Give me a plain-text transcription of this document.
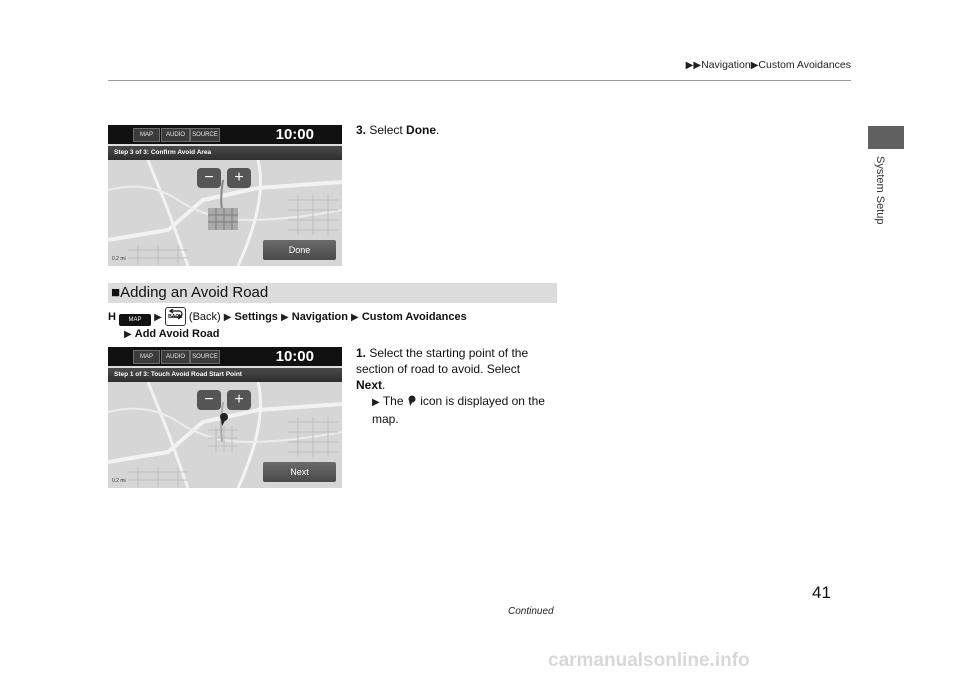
▶▶Navigation▶Custom Avoidances
System Setup
MAP	AUDIO	SOURCE	10:00
Step 3 of 3: Confirm Avoid Area
−	+
Done
0.2 mi
3. Select Done.
■Adding an Avoid Road
H MAP ▶	BACK (Back) ▶ Settings ▶ Navigation ▶ Custom Avoidances
▶ Add Avoid Road
MAP	AUDIO	SOURCE	10:00
Step 1 of 3: Touch Avoid Road Start Point
−	+
Next
0.2 mi
1. Select the starting point of the section of road to avoid. Select
Next.
▶ The icon is displayed on the map.
41
Continued
carmanualsonline.info
